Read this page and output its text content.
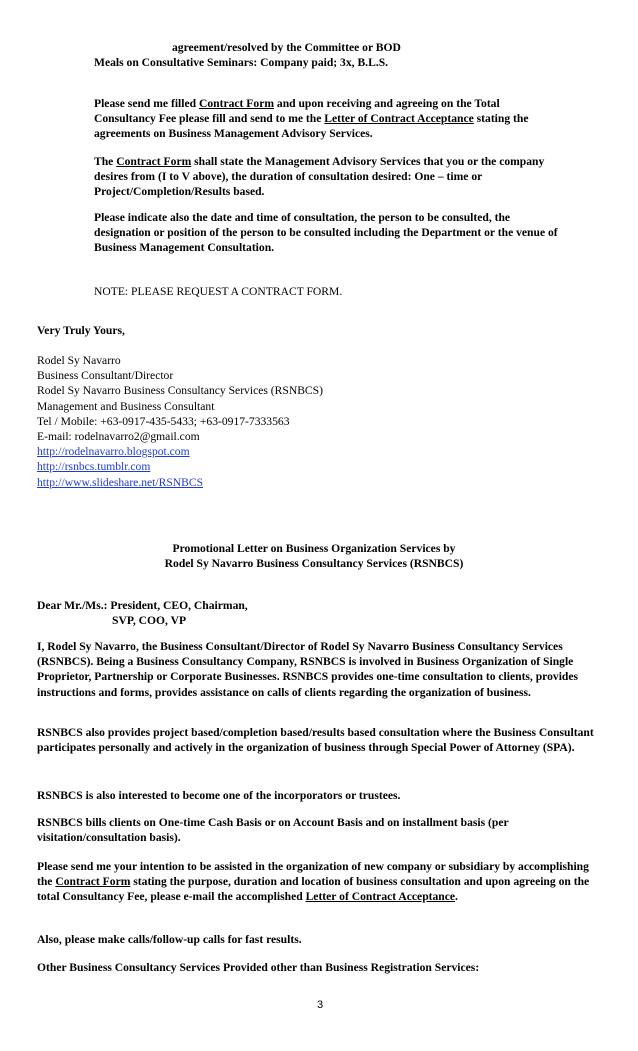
agreement/resolved by the Committee or BOD

Meals on Consultative Seminars: Company paid; 3x, B.L.S.

Please send me filled Contract Form and upon receiving and agreeing on the Total Consultancy Fee please fill and send to me the Letter of Contract Acceptance stating the agreements on Business Management Advisory Services.

The Contract Form shall state the Management Advisory Services that you or the company desires from (I to V above), the duration of consultation desired: One – time or Project/Completion/Results based.

Please indicate also the date and time of consultation, the person to be consulted, the designation or position of the person to be consulted including the Department or the venue of Business Management Consultation.

NOTE: PLEASE REQUEST A CONTRACT FORM.

Very Truly Yours,

Rodel Sy Navarro
Business Consultant/Director
Rodel Sy Navarro Business Consultancy Services (RSNBCS)
Management and Business Consultant
Tel / Mobile: +63-0917-435-5433; +63-0917-7333563
E-mail: rodelnavarro2@gmail.com
http://rodelnavarro.blogspot.com
http://rsnbcs.tumblr.com
http://www.slideshare.net/RSNBCS

Promotional Letter on Business Organization Services by

Rodel Sy Navarro Business Consultancy Services (RSNBCS)

Dear Mr./Ms.: President, CEO, Chairman,

SVP, COO, VP

I, Rodel Sy Navarro, the Business Consultant/Director of Rodel Sy Navarro Business Consultancy Services (RSNBCS). Being a Business Consultancy Company, RSNBCS is involved in Business Organization of Single Proprietor, Partnership or Corporate Businesses. RSNBCS provides one-time consultation to clients, provides instructions and forms, provides assistance on calls of clients regarding the organization of business.

RSNBCS also provides project based/completion based/results based consultation where the Business Consultant participates personally and actively in the organization of business through Special Power of Attorney (SPA).

RSNBCS is also interested to become one of the incorporators or trustees.

RSNBCS bills clients on One-time Cash Basis or on Account Basis and on installment basis (per visitation/consultation basis).

Please send me your intention to be assisted in the organization of new company or subsidiary by accomplishing the Contract Form stating the purpose, duration and location of business consultation and upon agreeing on the total Consultancy Fee, please e-mail the accomplished Letter of Contract Acceptance.

Also, please make calls/follow-up calls for fast results.

Other Business Consultancy Services Provided other than Business Registration Services:

3
